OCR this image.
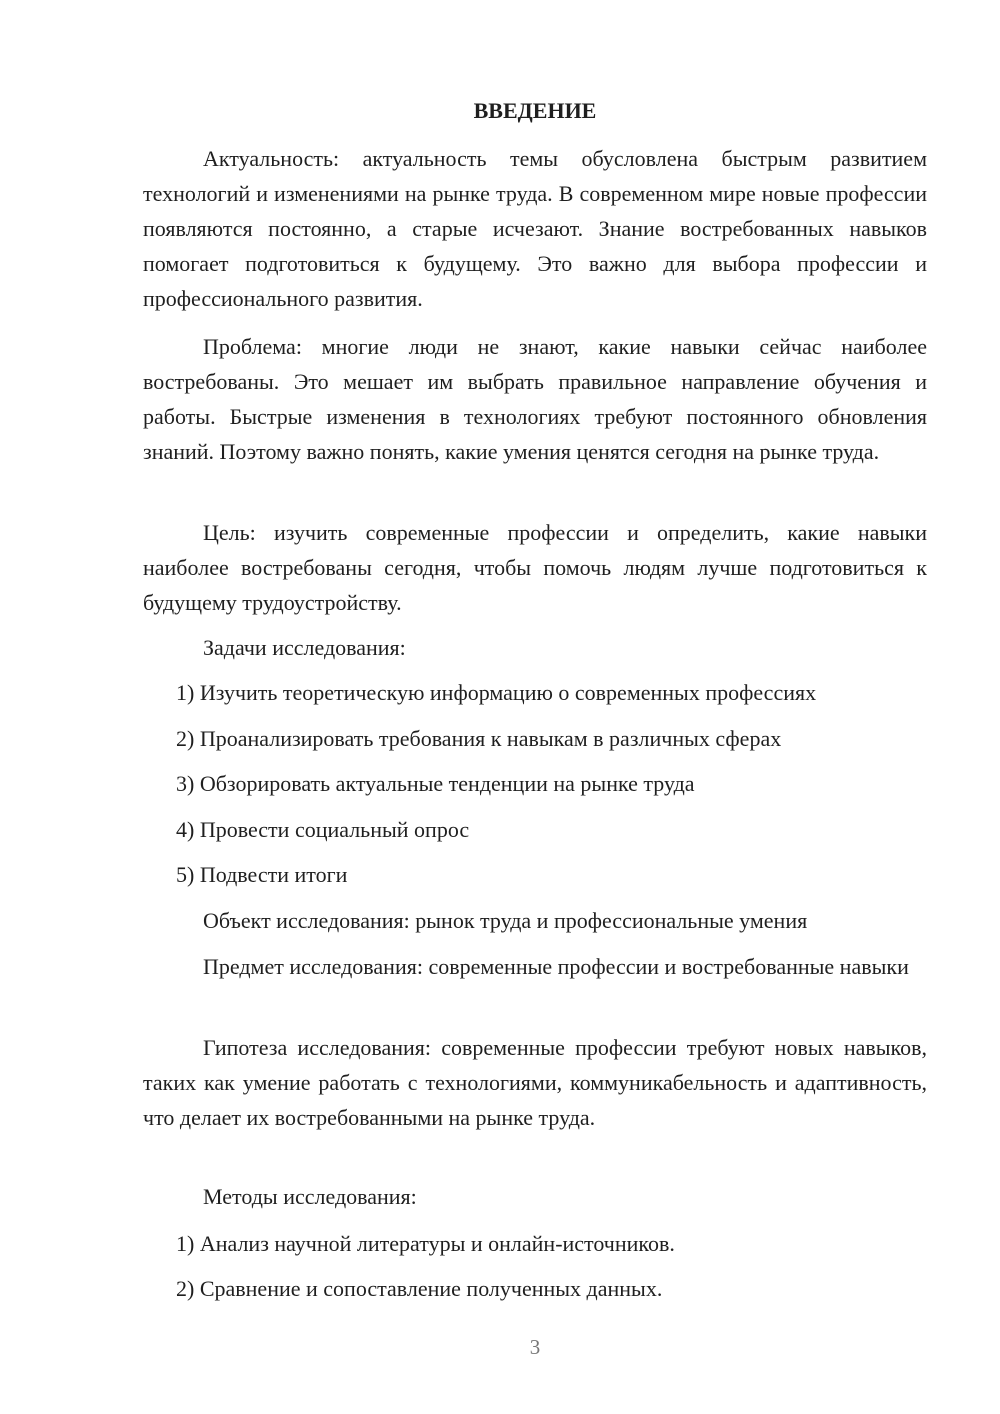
ВВЕДЕНИЕ

Актуальность: актуальность темы обусловлена быстрым развитием технологий и изменениями на рынке труда. В современном мире новые профессии появляются постоянно, а старые исчезают. Знание востребованных навыков помогает подготовиться к будущему. Это важно для выбора профессии и профессионального развития.

Проблема: многие люди не знают, какие навыки сейчас наиболее востребованы. Это мешает им выбрать правильное направление обучения и работы. Быстрые изменения в технологиях требуют постоянного обновления знаний. Поэтому важно понять, какие умения ценятся сегодня на рынке труда.

Цель: изучить современные профессии и определить, какие навыки наиболее востребованы сегодня, чтобы помочь людям лучше подготовиться к будущему трудоустройству.

Задачи исследования:

1) Изучить теоретическую информацию о современных профессиях

2) Проанализировать требования к навыкам в различных сферах

3) Обзорировать актуальные тенденции на рынке труда

4) Провести социальный опрос

5) Подвести итоги

Объект исследования: рынок труда и профессиональные умения

Предмет исследования: современные профессии и востребованные навыки

Гипотеза исследования: современные профессии требуют новых навыков, таких как умение работать с технологиями, коммуникабельность и адаптивность, что делает их востребованными на рынке труда.

Методы исследования:

1) Анализ научной литературы и онлайн-источников.

2) Сравнение и сопоставление полученных данных.

3
